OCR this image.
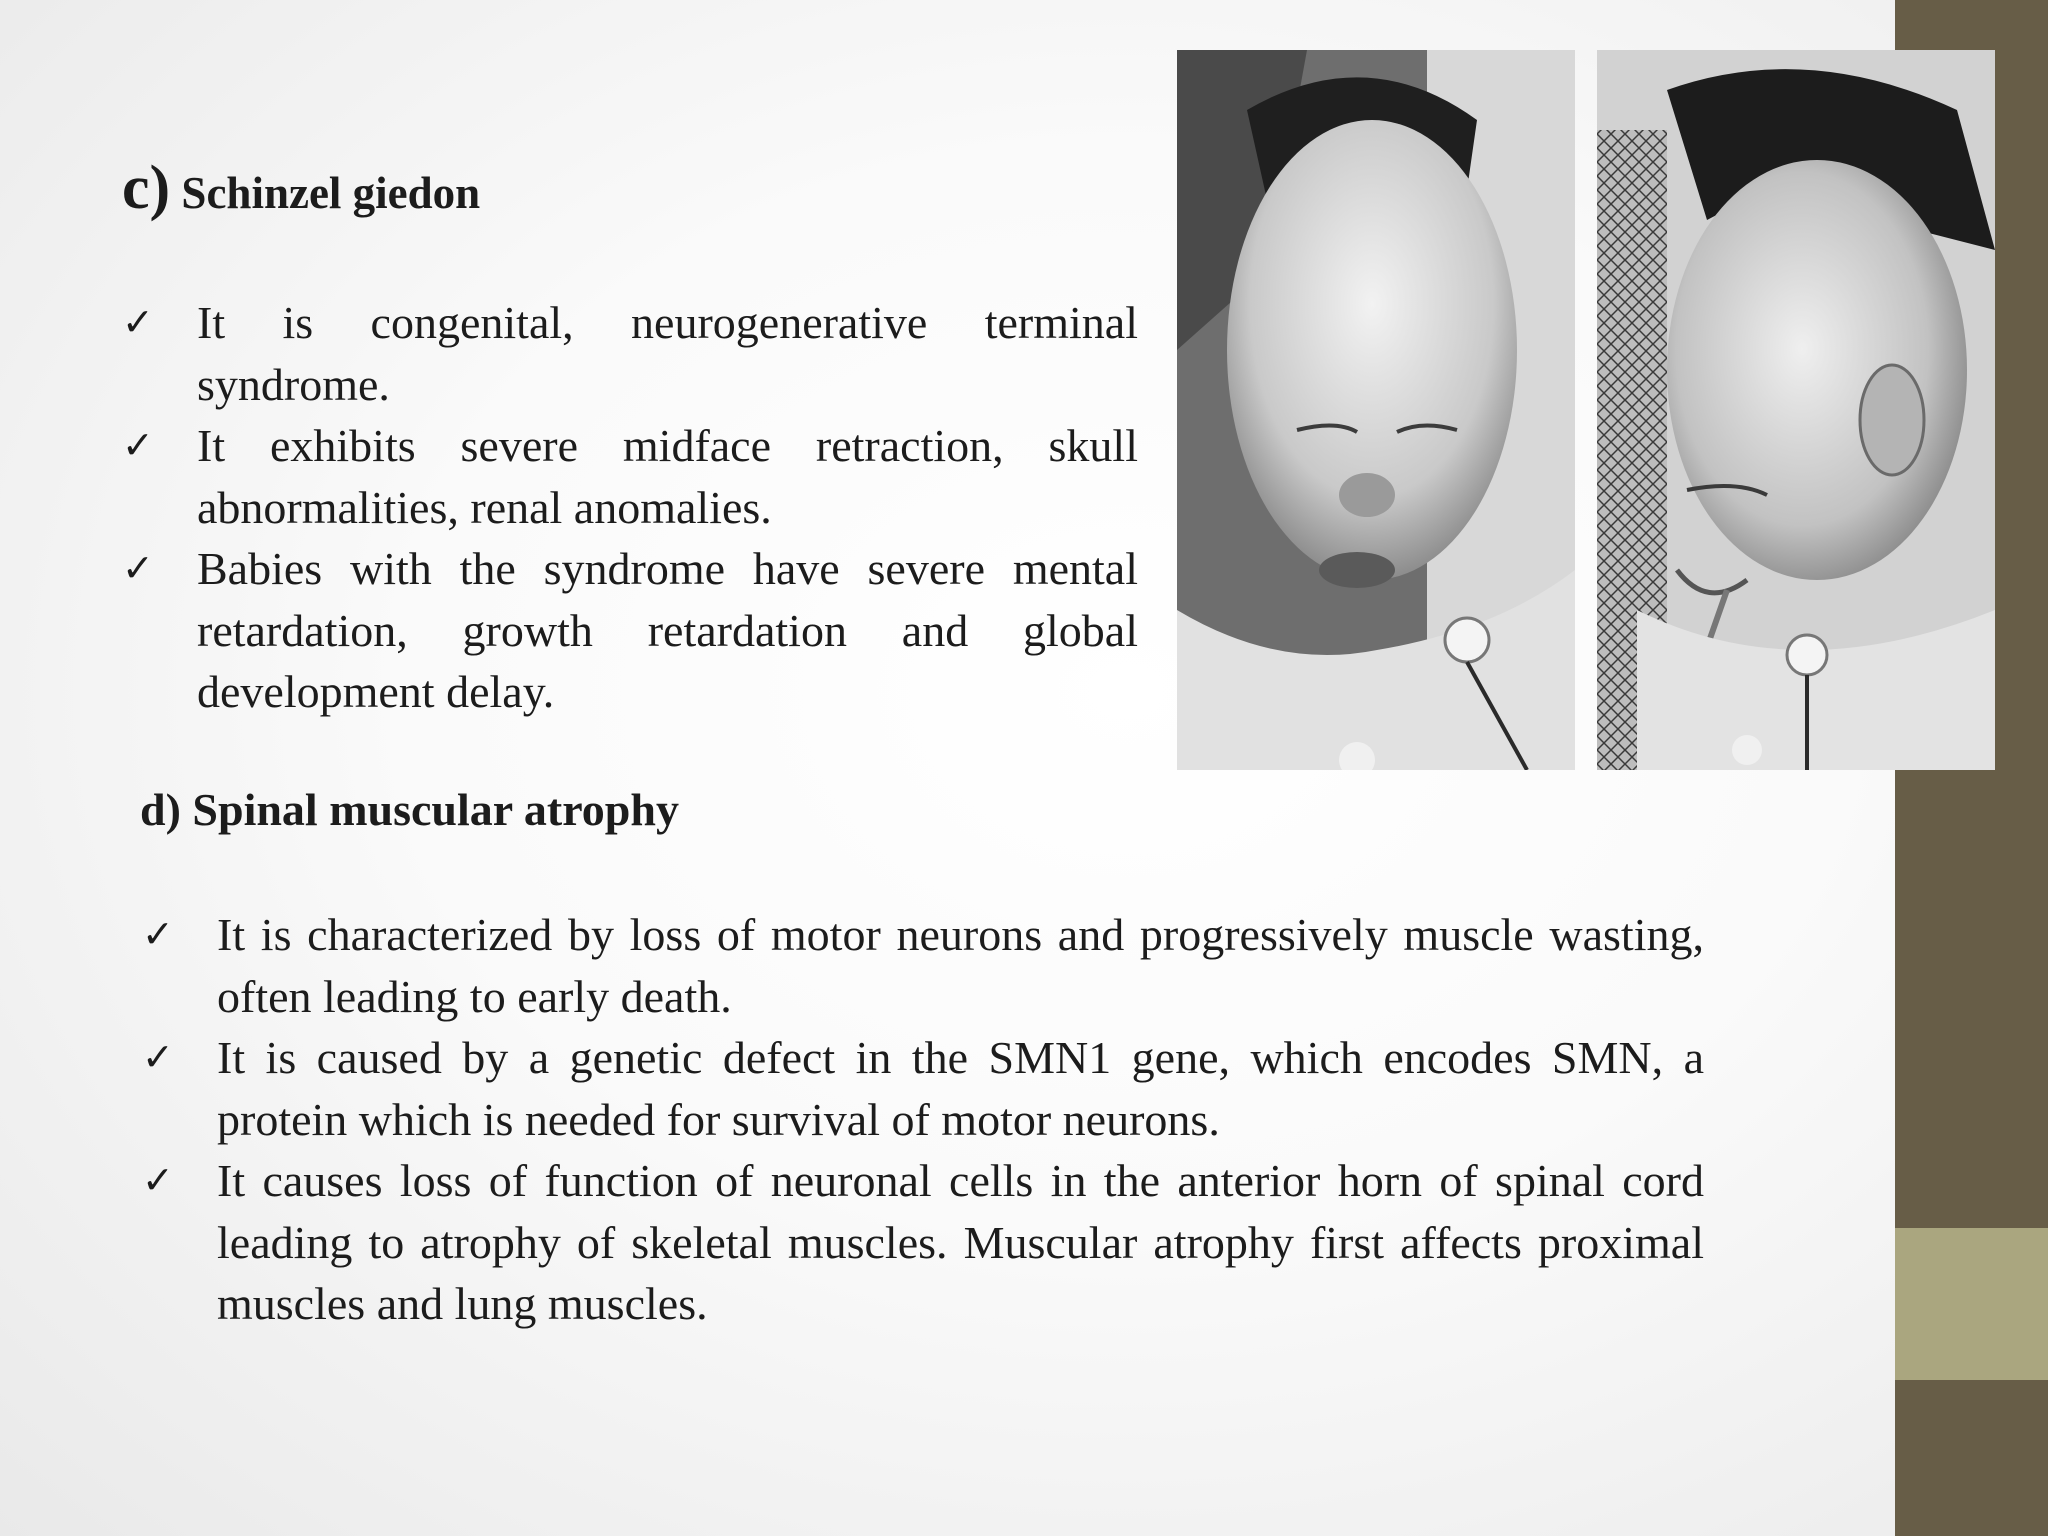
c) Schinzel giedon
✓ It is congenital, neurogenerative terminal syndrome.
✓ It exhibits severe midface retraction, skull abnormalities, renal anomalies.
✓ Babies with the syndrome have severe mental retardation, growth retardation and global development delay.
d) Spinal muscular atrophy
✓ It is characterized by loss of motor neurons and progressively muscle wasting, often leading to early death.
✓ It is caused by a genetic defect in the SMN1 gene, which encodes SMN, a protein which is needed for survival of motor neurons.
✓ It causes loss of function of neuronal cells in the anterior horn of spinal cord leading to atrophy of skeletal muscles. Muscular atrophy first affects proximal muscles and lung muscles.
